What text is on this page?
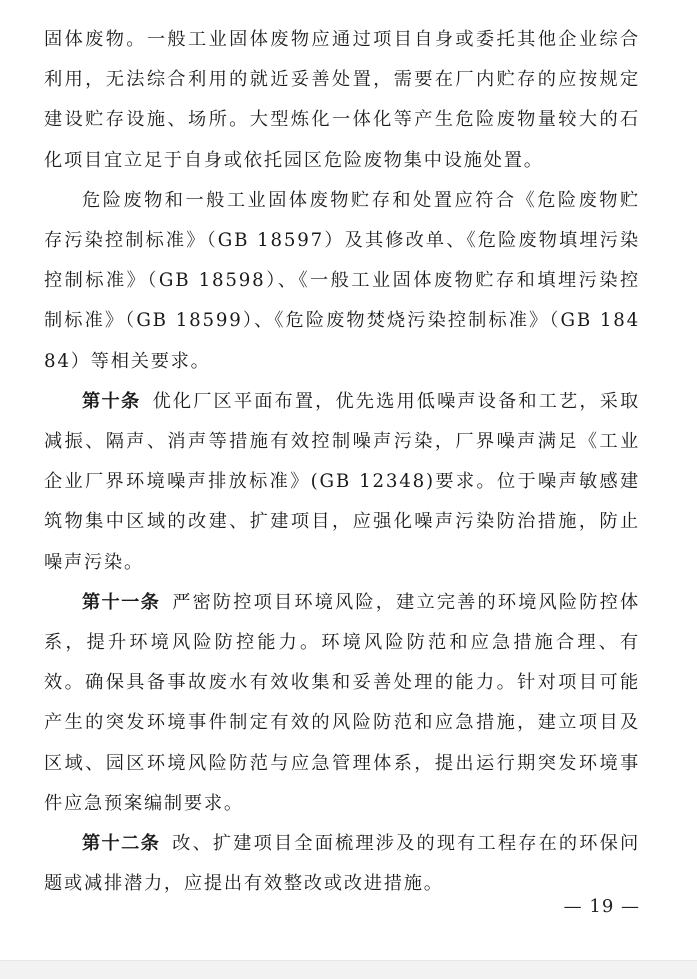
固体废物。一般工业固体废物应通过项目自身或委托其他企业综合利用，无法综合利用的就近妥善处置，需要在厂内贮存的应按规定建设贮存设施、场所。大型炼化一体化等产生危险废物量较大的石化项目宜立足于自身或依托园区危险废物集中设施处置。

危险废物和一般工业固体废物贮存和处置应符合《危险废物贮存污染控制标准》（GB 18597）及其修改单、《危险废物填埋污染控制标准》（GB 18598）、《一般工业固体废物贮存和填埋污染控制标准》（GB 18599）、《危险废物焚烧污染控制标准》（GB 18484）等相关要求。

第十条 优化厂区平面布置，优先选用低噪声设备和工艺，采取减振、隔声、消声等措施有效控制噪声污染，厂界噪声满足《工业企业厂界环境噪声排放标准》(GB 12348)要求。位于噪声敏感建筑物集中区域的改建、扩建项目，应强化噪声污染防治措施，防止噪声污染。

第十一条 严密防控项目环境风险，建立完善的环境风险防控体系，提升环境风险防控能力。环境风险防范和应急措施合理、有效。确保具备事故废水有效收集和妥善处理的能力。针对项目可能产生的突发环境事件制定有效的风险防范和应急措施，建立项目及区域、园区环境风险防范与应急管理体系，提出运行期突发环境事件应急预案编制要求。

第十二条 改、扩建项目全面梳理涉及的现有工程存在的环保问题或减排潜力，应提出有效整改或改进措施。

— 19 —
